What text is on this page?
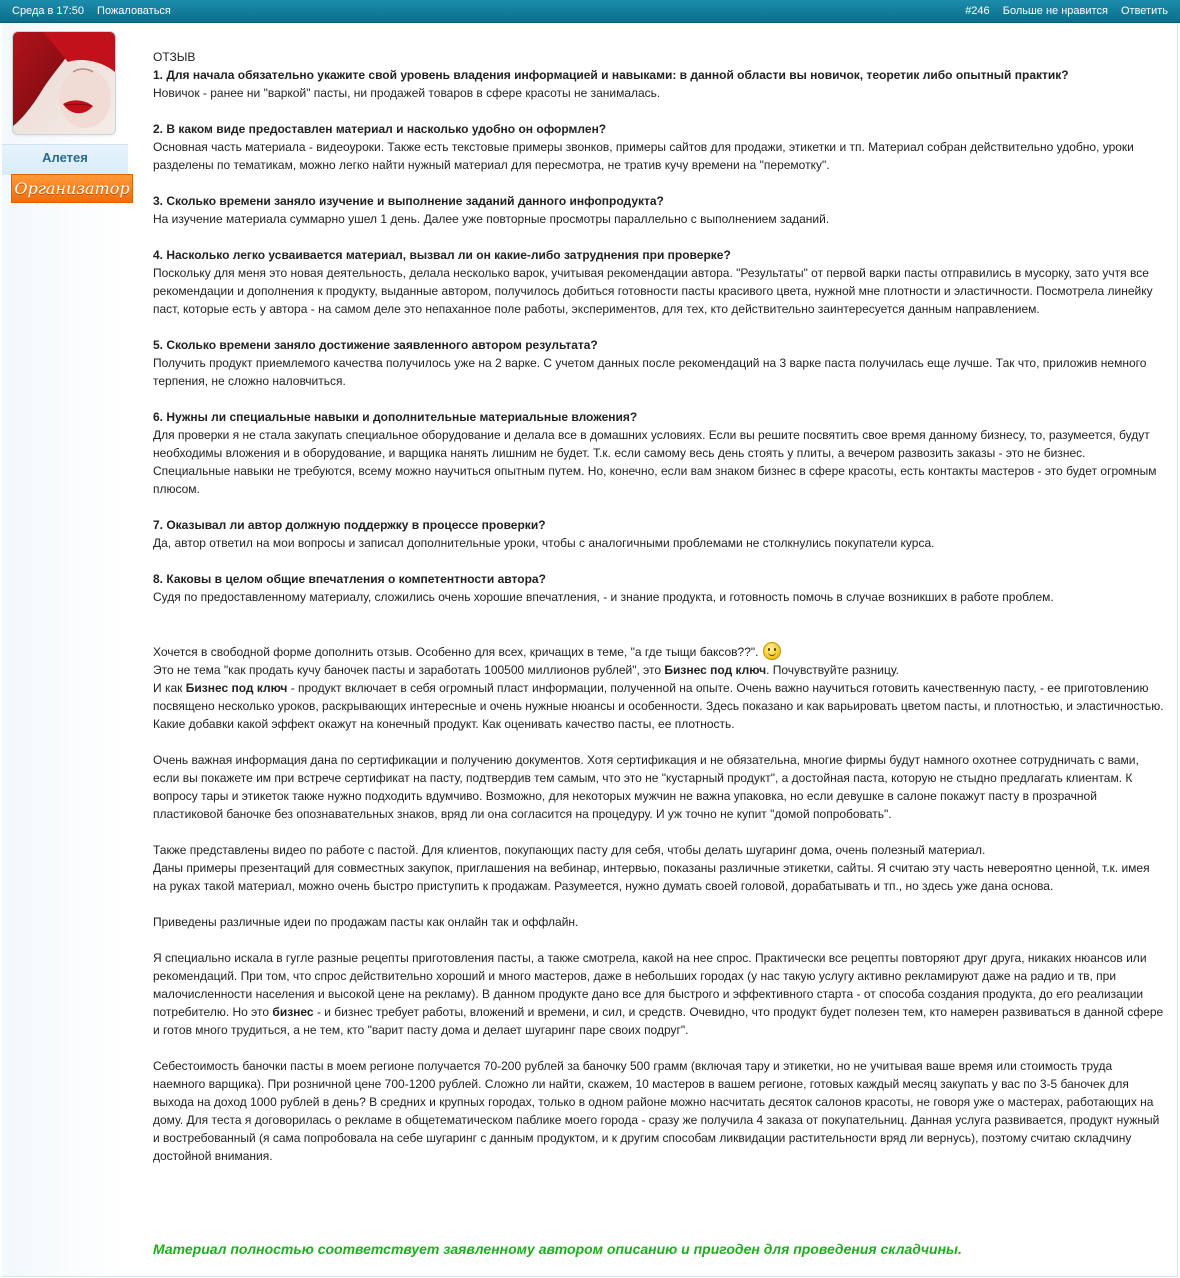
Среда в 17:50 Пожаловаться	#246 Больше не нравится Ответить
Алетея
Организатор

ОТЗЫВ

1. Для начала обязательно укажите свой уровень владения информацией и навыками: в данной области вы новичок, теоретик либо опытный практик?

Новичок - ранее ни "варкой" пасты, ни продажей товаров в сфере красоты не занималась.

2. В каком виде предоставлен материал и насколько удобно он оформлен?

Основная часть материала - видеоуроки. Также есть текстовые примеры звонков, примеры сайтов для продажи, этикетки и тп. Материал собран действительно удобно, уроки разделены по тематикам, можно легко найти нужный материал для пересмотра, не тратив кучу времени на "перемотку".

3. Сколько времени заняло изучение и выполнение заданий данного инфопродукта?

На изучение материала суммарно ушел 1 день. Далее уже повторные просмотры параллельно с выполнением заданий.

4. Насколько легко усваивается материал, вызвал ли он какие-либо затруднения при проверке?

Поскольку для меня это новая деятельность, делала несколько варок, учитывая рекомендации автора. "Результаты" от первой варки пасты отправились в мусорку, зато учтя все рекомендации и дополнения к продукту, выданные автором, получилось добиться готовности пасты красивого цвета, нужной мне плотности и эластичности. Посмотрела линейку паст, которые есть у автора - на самом деле это непаханное поле работы, экспериментов, для тех, кто действительно заинтересуется данным направлением.

5. Сколько времени заняло достижение заявленного автором результата?

Получить продукт приемлемого качества получилось уже на 2 варке. С учетом данных после рекомендаций на 3 варке паста получилась еще лучше. Так что, приложив немного терпения, не сложно наловчиться.

6. Нужны ли специальные навыки и дополнительные материальные вложения?

Для проверки я не стала закупать специальное оборудование и делала все в домашних условиях. Если вы решите посвятить свое время данному бизнесу, то, разумеется, будут необходимы вложения и в оборудование, и варщика нанять лишним не будет. Т.к. если самому весь день стоять у плиты, а вечером развозить заказы - это не бизнес. Специальные навыки не требуются, всему можно научиться опытным путем. Но, конечно, если вам знаком бизнес в сфере красоты, есть контакты мастеров - это будет огромным плюсом.

7. Оказывал ли автор должную поддержку в процессе проверки?

Да, автор ответил на мои вопросы и записал дополнительные уроки, чтобы с аналогичными проблемами не столкнулись покупатели курса.

8. Каковы в целом общие впечатления о компетентности автора?

Судя по предоставленному материалу, сложились очень хорошие впечатления, - и знание продукта, и готовность помочь в случае возникших в работе проблем.

Хочется в свободной форме дополнить отзыв. Особенно для всех, кричащих в теме, "а где тыщи баксов??".

Это не тема "как продать кучу баночек пасты и заработать 100500 миллионов рублей", это Бизнес под ключ. Почувствуйте разницу.

И как Бизнес под ключ - продукт включает в себя огромный пласт информации, полученной на опыте. Очень важно научиться готовить качественную пасту, - ее приготовлению посвящено несколько уроков, раскрывающих интересные и очень нужные нюансы и особенности. Здесь показано и как варьировать цветом пасты, и плотностью, и эластичностью. Какие добавки какой эффект окажут на конечный продукт. Как оценивать качество пасты, ее плотность.

Очень важная информация дана по сертификации и получению документов. Хотя сертификация и не обязательна, многие фирмы будут намного охотнее сотрудничать с вами, если вы покажете им при встрече сертификат на пасту, подтвердив тем самым, что это не "кустарный продукт", а достойная паста, которую не стыдно предлагать клиентам. К вопросу тары и этикеток также нужно подходить вдумчиво. Возможно, для некоторых мужчин не важна упаковка, но если девушке в салоне покажут пасту в прозрачной пластиковой баночке без опознавательных знаков, вряд ли она согласится на процедуру. И уж точно не купит "домой попробовать".

Также представлены видео по работе с пастой. Для клиентов, покупающих пасту для себя, чтобы делать шугаринг дома, очень полезный материал.

Даны примеры презентаций для совместных закупок, приглашения на вебинар, интервью, показаны различные этикетки, сайты. Я считаю эту часть невероятно ценной, т.к. имея на руках такой материал, можно очень быстро приступить к продажам. Разумеется, нужно думать своей головой, дорабатывать и тп., но здесь уже дана основа.

Приведены различные идеи по продажам пасты как онлайн так и оффлайн.

Я специально искала в гугле разные рецепты приготовления пасты, а также смотрела, какой на нее спрос. Практически все рецепты повторяют друг друга, никаких нюансов или рекомендаций. При том, что спрос действительно хороший и много мастеров, даже в небольших городах (у нас такую услугу активно рекламируют даже на радио и тв, при малочисленности населения и высокой цене на рекламу). В данном продукте дано все для быстрого и эффективного старта - от способа создания продукта, до его реализации потребителю. Но это бизнес - и бизнес требует работы, вложений и времени, и сил, и средств. Очевидно, что продукт будет полезен тем, кто намерен развиваться в данной сфере и готов много трудиться, а не тем, кто "варит пасту дома и делает шугаринг паре своих подруг".

Себестоимость баночки пасты в моем регионе получается 70-200 рублей за баночку 500 грамм (включая тару и этикетки, но не учитывая ваше время или стоимость труда наемного варщика). При розничной цене 700-1200 рублей. Сложно ли найти, скажем, 10 мастеров в вашем регионе, готовых каждый месяц закупать у вас по 3-5 баночек для выхода на доход 1000 рублей в день? В средних и крупных городах, только в одном районе можно насчитать десяток салонов красоты, не говоря уже о мастерах, работающих на дому. Для теста я договорилась о рекламе в общетематическом паблике моего города - сразу же получила 4 заказа от покупательниц. Данная услуга развивается, продукт нужный и востребованный (я сама попробовала на себе шугаринг с данным продуктом, и к другим способам ликвидации растительности вряд ли вернусь), поэтому считаю складчину достойной внимания.

Материал полностью соответствует заявленному автором описанию и пригоден для проведения складчины.
